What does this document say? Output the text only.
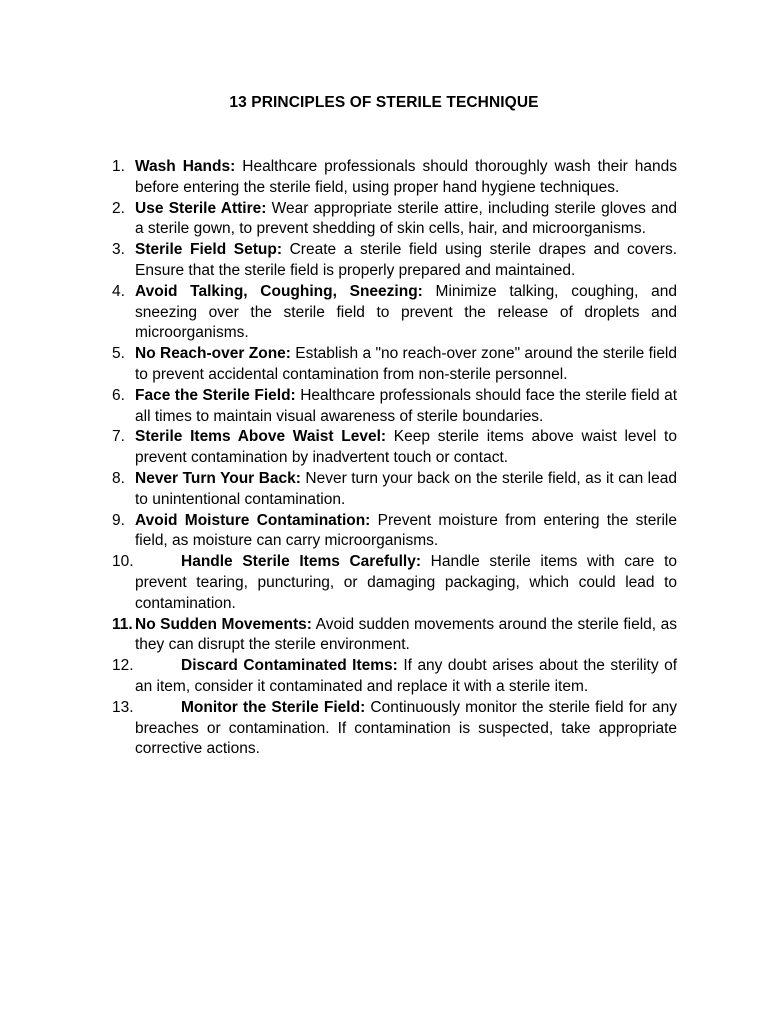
13 PRINCIPLES OF STERILE TECHNIQUE
1. Wash Hands: Healthcare professionals should thoroughly wash their hands before entering the sterile field, using proper hand hygiene techniques.
2. Use Sterile Attire: Wear appropriate sterile attire, including sterile gloves and a sterile gown, to prevent shedding of skin cells, hair, and microorganisms.
3. Sterile Field Setup: Create a sterile field using sterile drapes and covers. Ensure that the sterile field is properly prepared and maintained.
4. Avoid Talking, Coughing, Sneezing: Minimize talking, coughing, and sneezing over the sterile field to prevent the release of droplets and microorganisms.
5. No Reach-over Zone: Establish a "no reach-over zone" around the sterile field to prevent accidental contamination from non-sterile personnel.
6. Face the Sterile Field: Healthcare professionals should face the sterile field at all times to maintain visual awareness of sterile boundaries.
7. Sterile Items Above Waist Level: Keep sterile items above waist level to prevent contamination by inadvertent touch or contact.
8. Never Turn Your Back: Never turn your back on the sterile field, as it can lead to unintentional contamination.
9. Avoid Moisture Contamination: Prevent moisture from entering the sterile field, as moisture can carry microorganisms.
10.	Handle Sterile Items Carefully: Handle sterile items with care to prevent tearing, puncturing, or damaging packaging, which could lead to contamination.
11. No Sudden Movements: Avoid sudden movements around the sterile field, as they can disrupt the sterile environment.
12.	Discard Contaminated Items: If any doubt arises about the sterility of an item, consider it contaminated and replace it with a sterile item.
13.	Monitor the Sterile Field: Continuously monitor the sterile field for any breaches or contamination. If contamination is suspected, take appropriate corrective actions.
